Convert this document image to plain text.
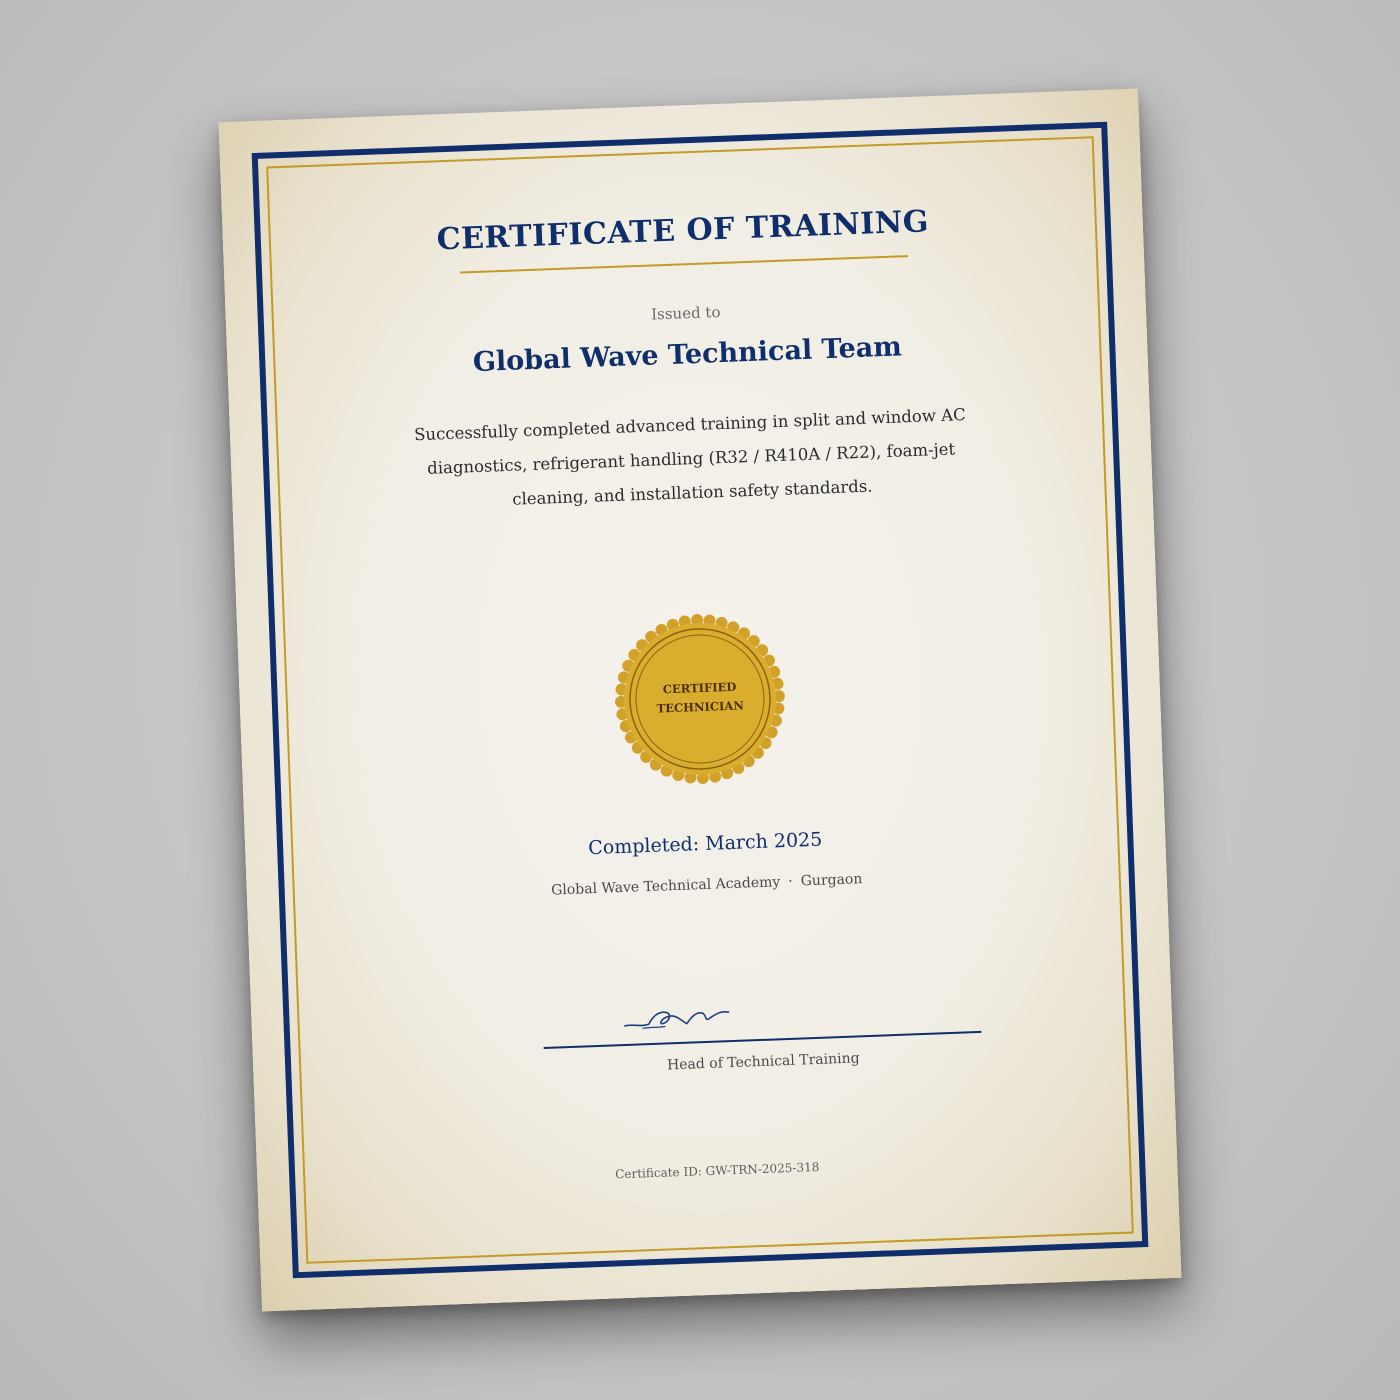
CERTIFICATE OF TRAINING
Issued to
Global Wave Technical Team
Successfully completed advanced training in split and window AC diagnostics, refrigerant handling (R32 / R410A / R22), foam-jet cleaning, and installation safety standards.
CERTIFIED
TECHNICIAN
Completed: March 2025
Global Wave Technical Academy · Gurgaon
Head of Technical Training
Certificate ID: GW-TRN-2025-318
